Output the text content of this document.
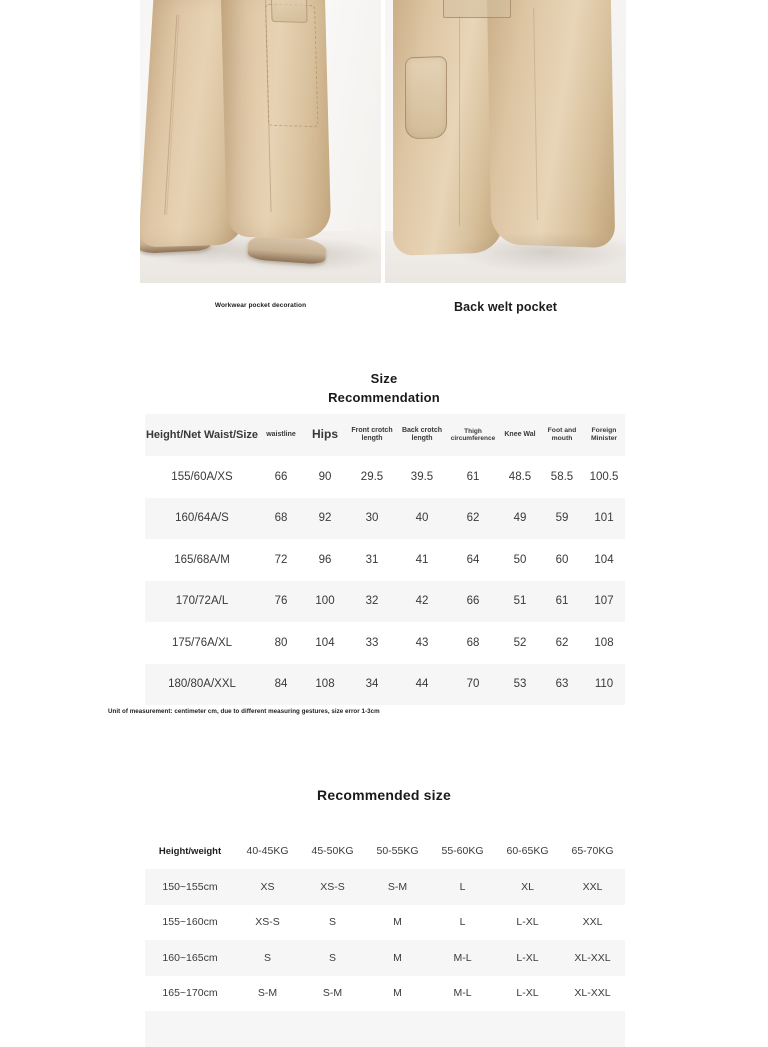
Workwear pocket decoration	Back welt pocket
Size
Recommendation
Height/Net Waist/Size	waistline	Hips	Front crotch length	Back crotch length	Thigh circumference	Knee Wal	Foot and mouth	Foreign Minister
155/60A/XS	66	90	29.5	39.5	61	48.5	58.5	100.5
160/64A/S	68	92	30	40	62	49	59	101
165/68A/M	72	96	31	41	64	50	60	104
170/72A/L	76	100	32	42	66	51	61	107
175/76A/XL	80	104	33	43	68	52	62	108
180/80A/XXL	84	108	34	44	70	53	63	110
Unit of measurement: centimeter cm, due to different measuring gestures, size error 1-3cm
Recommended size
Height/weight	40-45KG	45-50KG	50-55KG	55-60KG	60-65KG	65-70KG
150~155cm	XS	XS-S	S-M	L	XL	XXL
155~160cm	XS-S	S	M	L	L-XL	XXL
160~165cm	S	S	M	M-L	L-XL	XL-XXL
165~170cm	S-M	S-M	M	M-L	L-XL	XL-XXL
